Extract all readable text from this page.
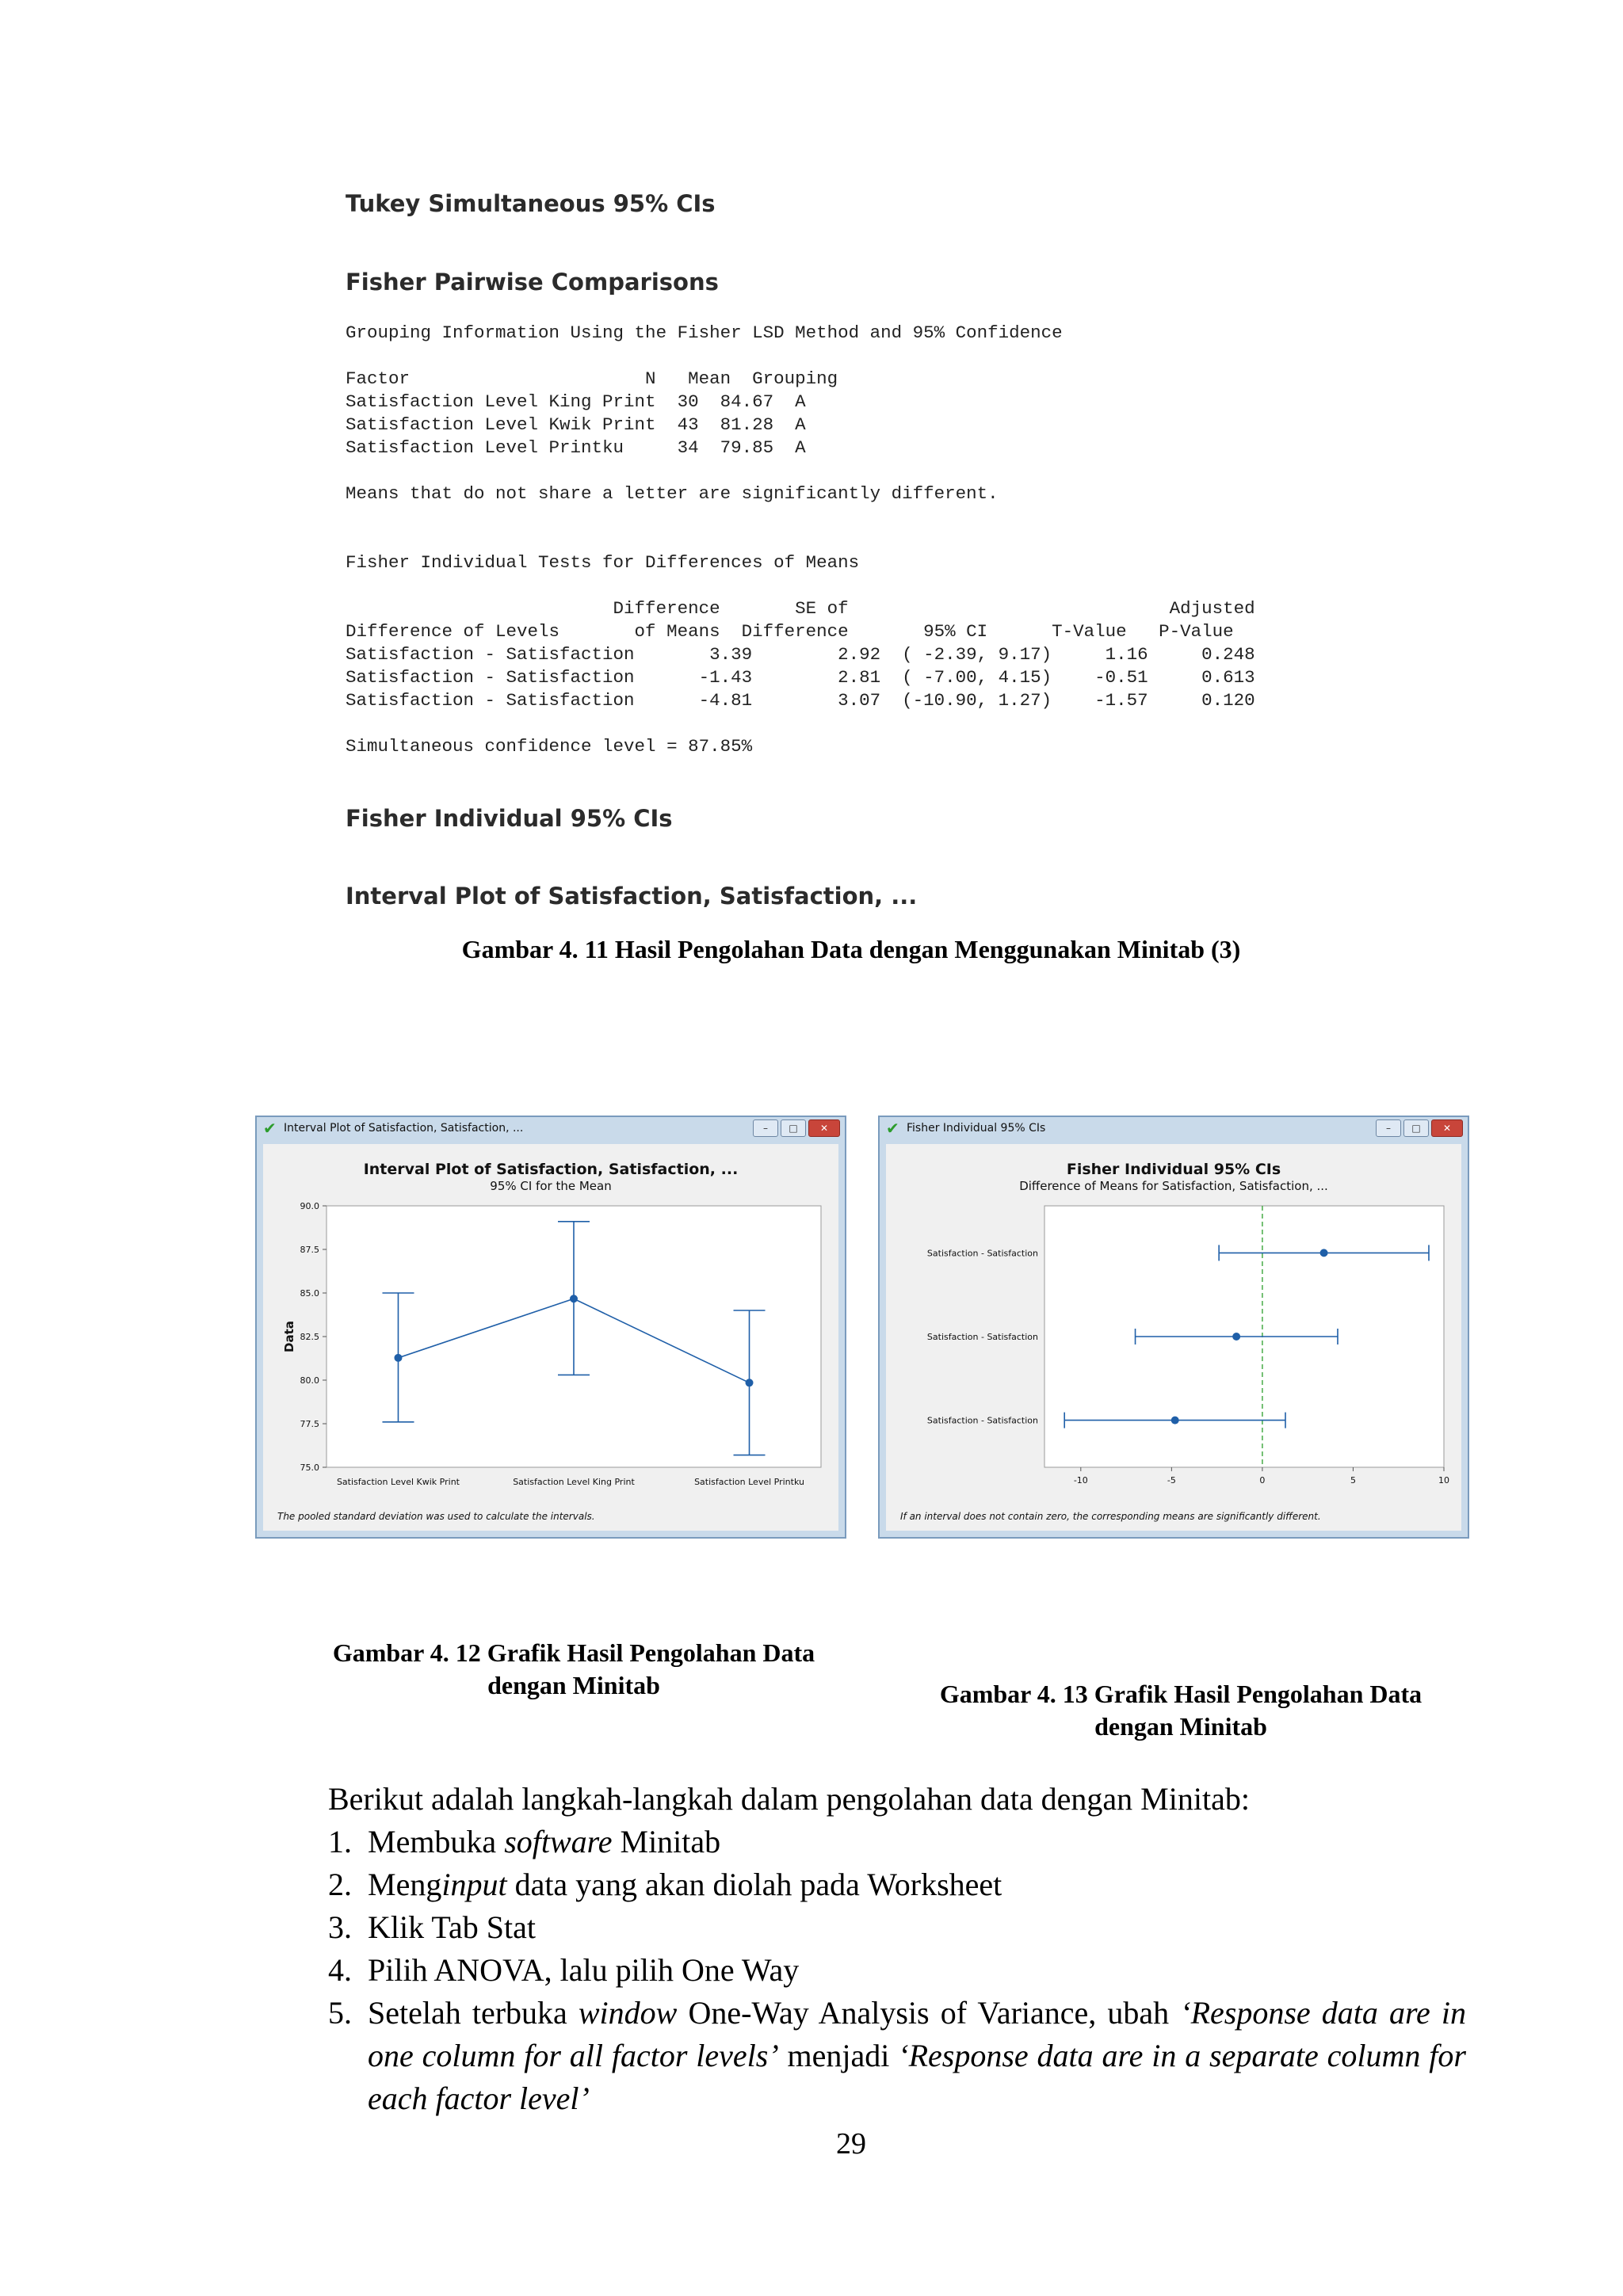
Tukey Simultaneous 95% CIs
Fisher Pairwise Comparisons
Grouping Information Using the Fisher LSD Method and 95% Confidence
Factor                      N   Mean  Grouping
Satisfaction Level King Print  30  84.67  A
Satisfaction Level Kwik Print  43  81.28  A
Satisfaction Level Printku     34  79.85  A
Means that do not share a letter are significantly different.
Fisher Individual Tests for Differences of Means
Difference       SE of                              Adjusted
Difference of Levels       of Means  Difference       95% CI      T-Value   P-Value
Satisfaction - Satisfaction       3.39        2.92  ( -2.39, 9.17)     1.16     0.248
Satisfaction - Satisfaction      -1.43        2.81  ( -7.00, 4.15)    -0.51     0.613
Satisfaction - Satisfaction      -4.81        3.07  (-10.90, 1.27)    -1.57     0.120
Simultaneous confidence level = 87.85%
Fisher Individual 95% CIs
Interval Plot of Satisfaction, Satisfaction, ...
Gambar 4. 11 Hasil Pengolahan Data dengan Menggunakan Minitab (3)
✔ Interval Plot of Satisfaction, Satisfaction, ...	–	□	✕
Interval Plot of Satisfaction, Satisfaction, ...
95% CI for the Mean
Data
75.0
77.5
80.0
82.5
85.0
87.5
90.0
Satisfaction Level Kwik Print	Satisfaction Level King Print	Satisfaction Level Printku
The pooled standard deviation was used to calculate the intervals.
✔ Fisher Individual 95% CIs	–	□	✕
Fisher Individual 95% CIs
Difference of Means for Satisfaction, Satisfaction, ...
-10	-5	0	5	10
Satisfaction - Satisfaction
Satisfaction - Satisfaction
Satisfaction - Satisfaction
If an interval does not contain zero, the corresponding means are significantly different.
Gambar 4. 12 Grafik Hasil Pengolahan Data
dengan Minitab	Gambar 4. 13 Grafik Hasil Pengolahan Data
dengan Minitab
Berikut adalah langkah-langkah dalam pengolahan data dengan Minitab:
1. Membuka software Minitab
2. Menginput data yang akan diolah pada Worksheet
3. Klik Tab Stat
4. Pilih ANOVA, lalu pilih One Way
5. Setelah terbuka window One-Way Analysis of Variance, ubah ‘Response data are in one column for all factor levels’ menjadi ‘Response data are in a separate column for each factor level’
29
